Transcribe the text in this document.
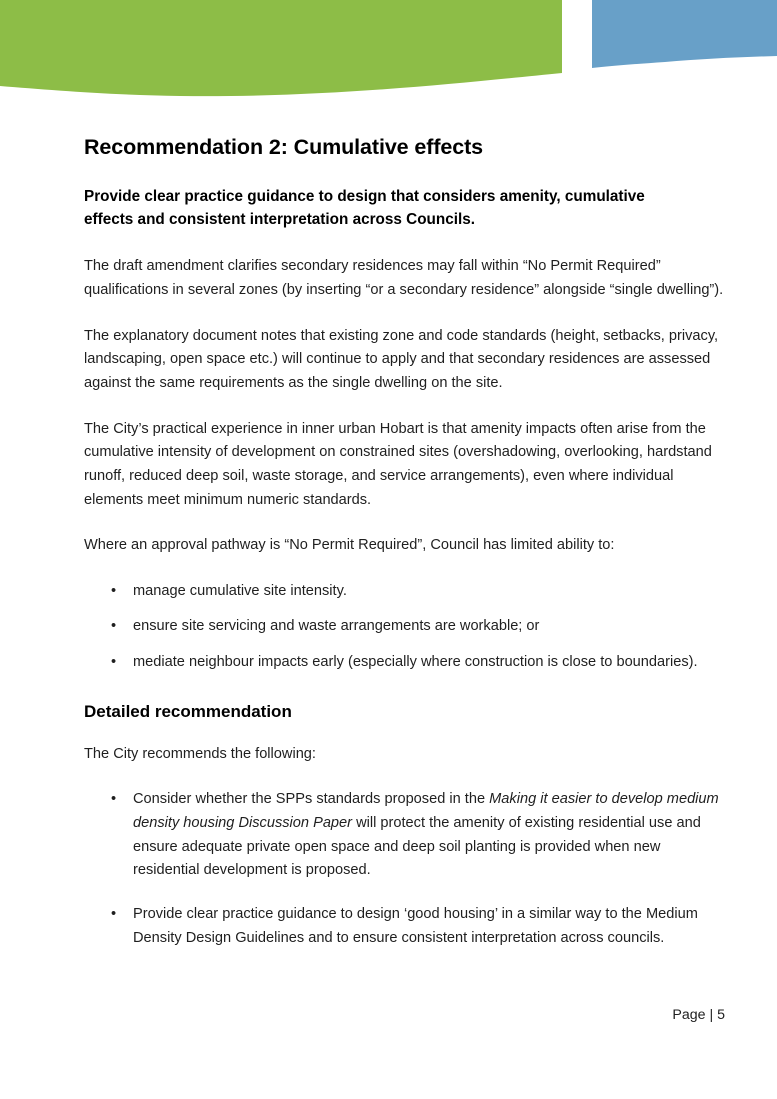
Recommendation 2: Cumulative effects

Provide clear practice guidance to design that considers amenity, cumulative effects and consistent interpretation across Councils.

The draft amendment clarifies secondary residences may fall within “No Permit Required” qualifications in several zones (by inserting “or a secondary residence” alongside “single dwelling”).

The explanatory document notes that existing zone and code standards (height, setbacks, privacy, landscaping, open space etc.) will continue to apply and that secondary residences are assessed against the same requirements as the single dwelling on the site.

The City’s practical experience in inner urban Hobart is that amenity impacts often arise from the cumulative intensity of development on constrained sites (overshadowing, overlooking, hardstand runoff, reduced deep soil, waste storage, and service arrangements), even where individual elements meet minimum numeric standards.

Where an approval pathway is “No Permit Required”, Council has limited ability to:

• manage cumulative site intensity.
• ensure site servicing and waste arrangements are workable; or
• mediate neighbour impacts early (especially where construction is close to boundaries).
Detailed recommendation

The City recommends the following:

• Consider whether the SPPs standards proposed in the Making it easier to develop medium density housing Discussion Paper will protect the amenity of existing residential use and ensure adequate private open space and deep soil planting is provided when new residential development is proposed.
• Provide clear practice guidance to design ‘good housing’ in a similar way to the Medium Density Design Guidelines and to ensure consistent interpretation across councils.
Page | 5
